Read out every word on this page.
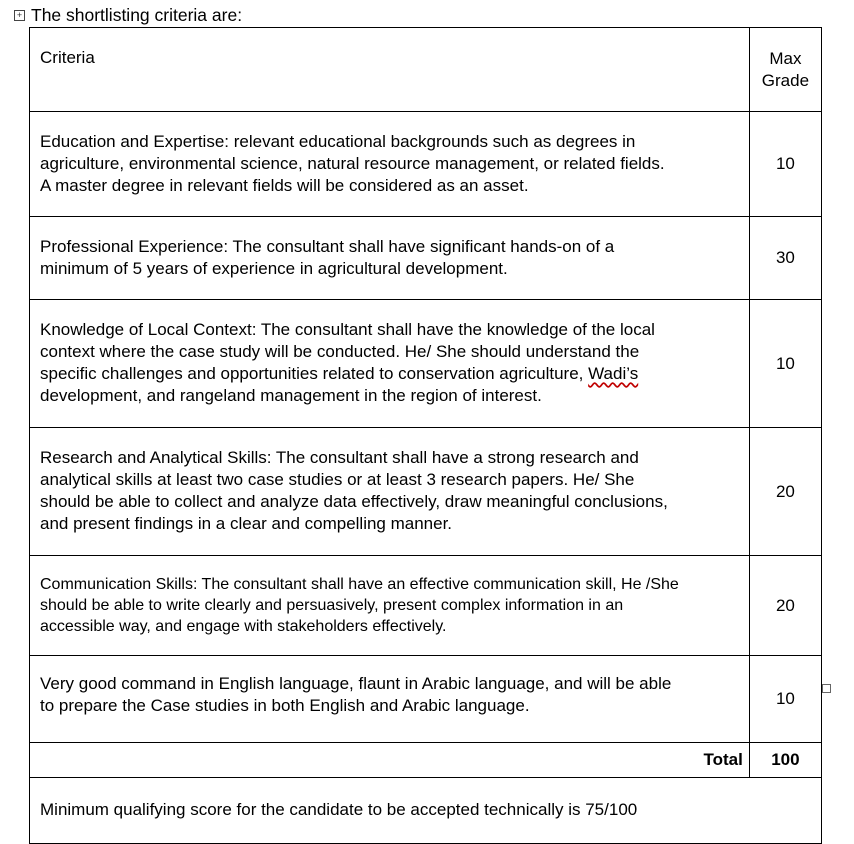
+ The shortlisting criteria are:
Criteria	Max
Grade

Education and Expertise: relevant educational backgrounds such as degrees in
agriculture, environmental science, natural resource management, or related fields.
A master degree in relevant fields will be considered as an asset.	10

Professional Experience: The consultant shall have significant hands-on of a
minimum of 5 years of experience in agricultural development.	30

Knowledge of Local Context: The consultant shall have the knowledge of the local
context where the case study will be conducted. He/ She should understand the
specific challenges and opportunities related to conservation agriculture, Wadi’s
development, and rangeland management in the region of interest.	10

Research and Analytical Skills: The consultant shall have a strong research and
analytical skills at least two case studies or at least 3 research papers. He/ She
should be able to collect and analyze data effectively, draw meaningful conclusions,
and present findings in a clear and compelling manner.	20

Communication Skills: The consultant shall have an effective communication skill, He /She
should be able to write clearly and persuasively, present complex information in an
accessible way, and engage with stakeholders effectively.	20

Very good command in English language, flaunt in Arabic language, and will be able
to prepare the Case studies in both English and Arabic language.	10
Total	100
Minimum qualifying score for the candidate to be accepted technically is 75/100	
